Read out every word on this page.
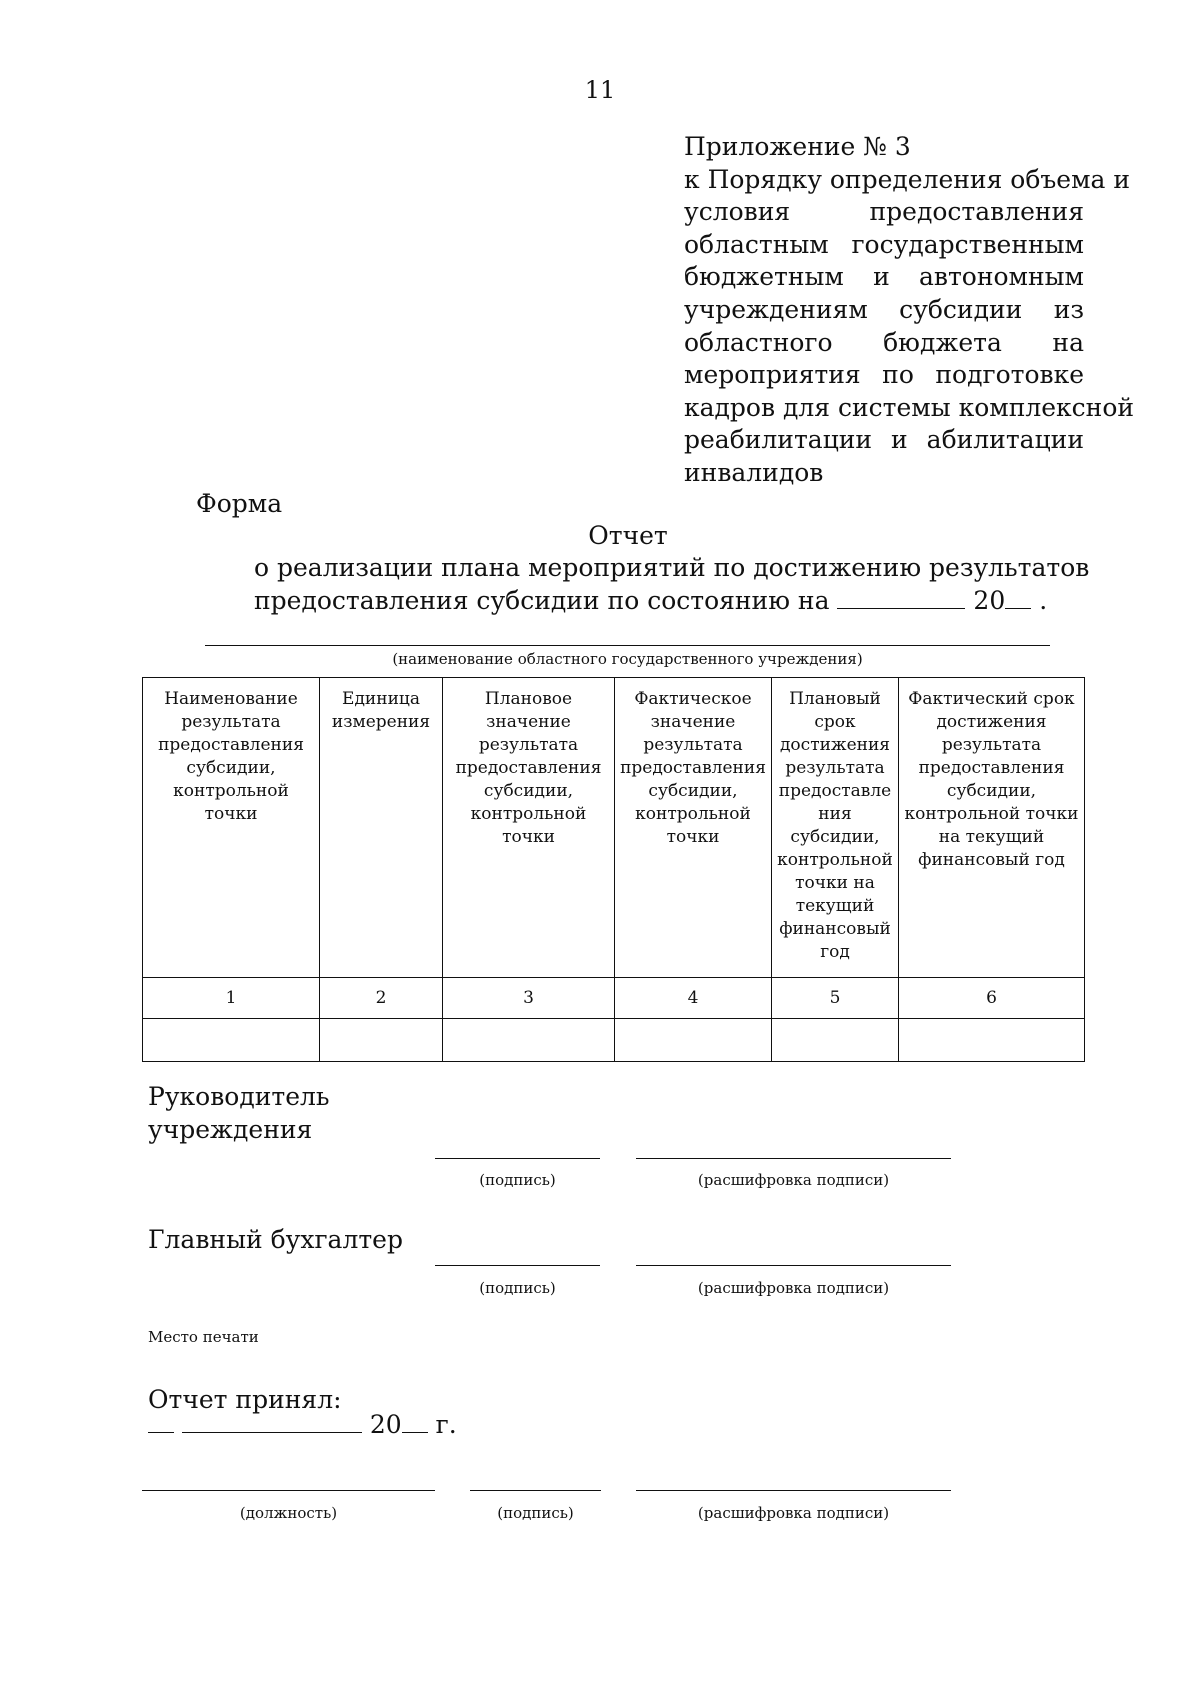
11
Приложение № 3
к Порядку определения объема и
условия предоставления
областным государственным
бюджетным и автономным
учреждениям субсидии из
областного бюджета на
мероприятия по подготовке
кадров для системы комплексной
реабилитации и абилитации
инвалидов
Форма
Отчет
о реализации плана мероприятий по достижению результатов
предоставления субсидии по состоянию на	20 .
(наименование областного государственного учреждения)
Наименование результата предоставления субсидии, контрольной точки	Единица измерения	Плановое значение результата предоставления субсидии, контрольной точки	Фактическое значение результата предоставления субсидии, контрольной точки	Плановый срок достижения результата предоставле ния субсидии, контрольной точки на текущий финансовый год	Фактический срок достижения результата предоставления субсидии, контрольной точки на текущий финансовый год
1	2	3	4	5	6

Руководитель
учреждения
(подпись)	(расшифровка подписи)
Главный бухгалтер
(подпись)	(расшифровка подписи)
Место печати
Отчет принял:
20 г.
(должность)	(подпись)	(расшифровка подписи)
